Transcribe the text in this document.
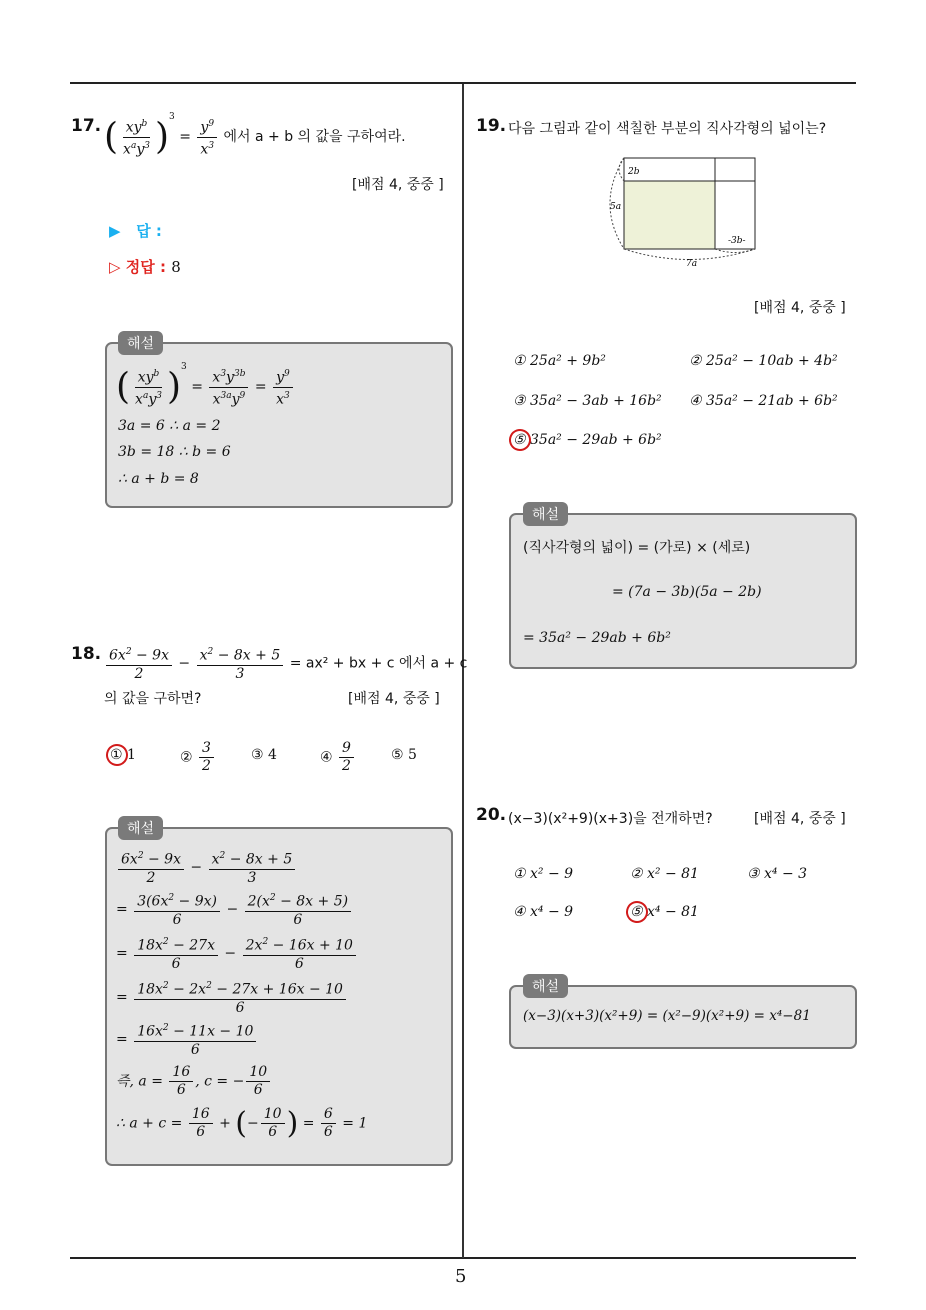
5
17. ( $\frac{xy^b}{x^ay^3} )^3 = \frac{y^9}{x^3}$ 에서 a + b 의 값을 구하여라.
[배점 4, 중중 ]
▶ 답 :
▷ 정답 : 8
해설
( $\frac{xy^b}{x^ay^3} )^3 = \frac{x^3y^{3b}}{x^{3a}y^9} = \frac{y^9}{x^3}$
3a = 6 ∴ a = 2
3b = 18 ∴ b = 6
∴ a + b = 8
18. $\frac{6x^2 - 9x}{2} - \frac{x^2 - 8x + 5}{3} = ax^2$ + bx + c 에서 a + c
의 값을 구하면?	[배점 4, 중중 ]
① 1	② $\frac{3}{2}$	③ 4	④ $\frac{9}{2}$	⑤ 5
해설
$\frac{6x^2 - 9x}{2} - \frac{x^2 - 8x + 5}{3}$
= $\frac{3(6x^2 - 9x)}{6} - \frac{2(x^2 - 8x + 5)}{6}$
= $\frac{18x^2 - 27x}{6} - \frac{2x^2 - 16x + 10}{6}$
= $\frac{18x^2 - 2x^2 - 27x + 16x - 10}{6}$
= $\frac{16x^2 - 11x - 10}{6}$
즉, $a = \frac{16}{6}$ , c = − $\frac{10}{6}$
∴ $a + c = \frac{16}{6}$ + (− $\frac{10}{6}$ ) = $\frac{6}{6} = 1$
19. 다음 그림과 같이 색칠한 부분의 직사각형의 넓이는?
2b
5a
-3b-
7a
[배점 4, 중중 ]
① 25a² + 9b²	② 25a² − 10ab + 4b²
③ 35a² − 3ab + 16b² ④ 35a² − 21ab + 6b²
⑤ 35a² − 29ab + 6b²
해설
(직사각형의 넓이) = (가로) × (세로)
= (7a − 3b)(5a − 2b)
= 35a² − 29ab + 6b²
20. (x−3)(x²+9)(x+3)을 전개하면?	[배점 4, 중중 ]
① x² − 9	② x² − 81	③ x⁴ − 3
④ x⁴ − 9	⑤ x⁴ − 81
해설
(x−3)(x+3)(x²+9) = (x²−9)(x²+9) = x⁴−81
